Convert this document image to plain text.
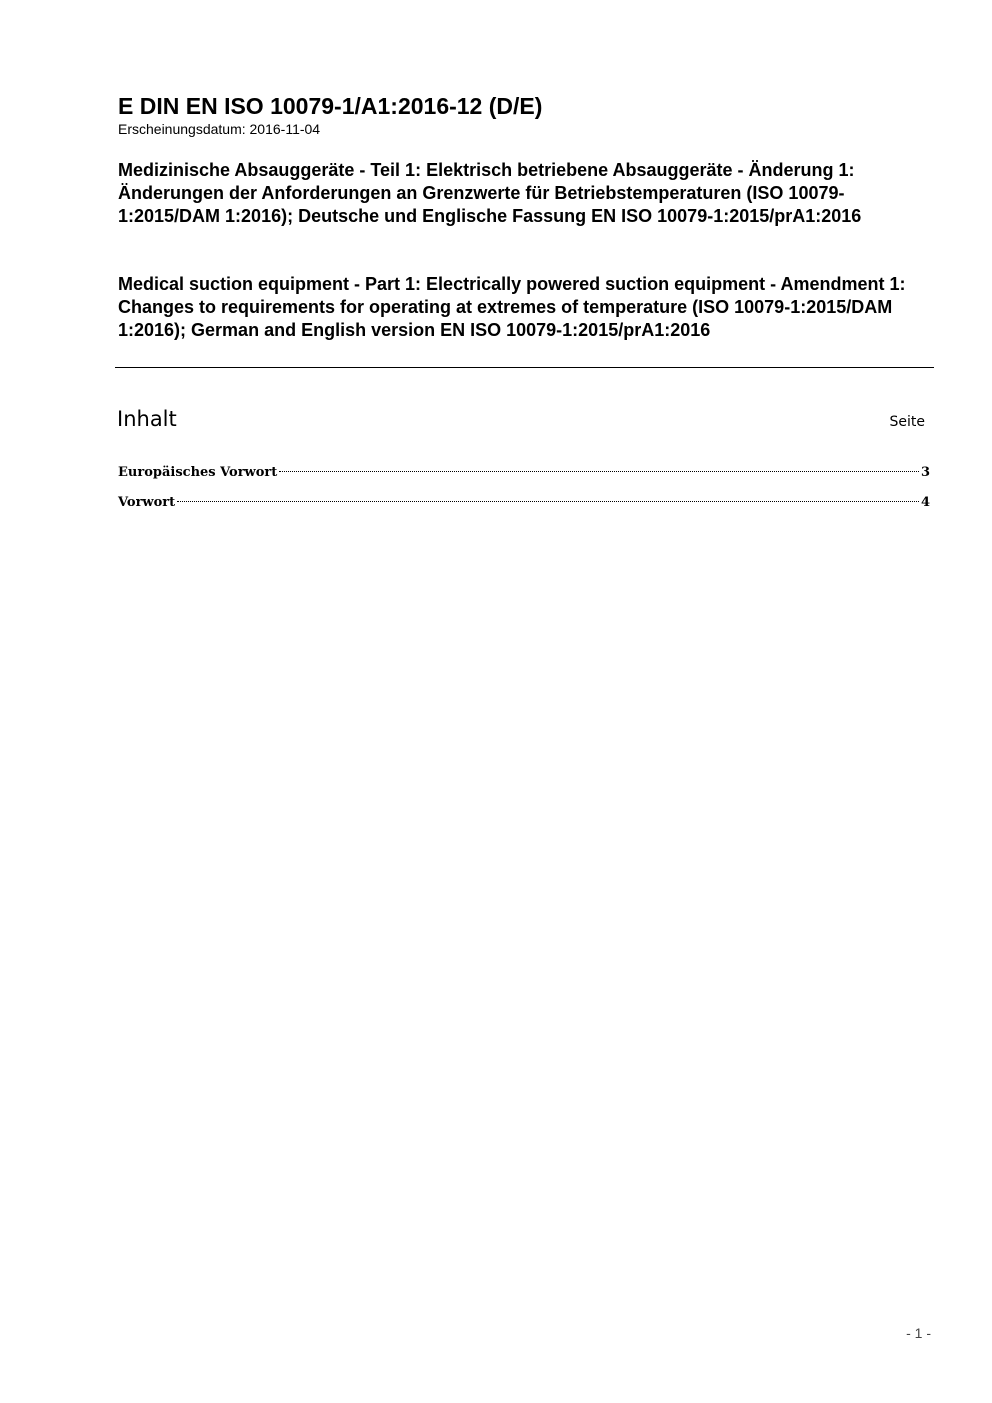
E DIN EN ISO 10079-1/A1:2016-12 (D/E)
Erscheinungsdatum: 2016-11-04
Medizinische Absauggeräte - Teil 1: Elektrisch betriebene Absauggeräte - Änderung 1: Änderungen der Anforderungen an Grenzwerte für Betriebstemperaturen (ISO 10079-1:2015/DAM 1:2016); Deutsche und Englische Fassung EN ISO 10079-1:2015/prA1:2016
Medical suction equipment - Part 1: Electrically powered suction equipment - Amendment 1: Changes to requirements for operating at extremes of temperature (ISO 10079-1:2015/DAM 1:2016); German and English version EN ISO 10079-1:2015/prA1:2016
Inhalt	Seite
Europäisches Vorwort	3
Vorwort	4
- 1 -
